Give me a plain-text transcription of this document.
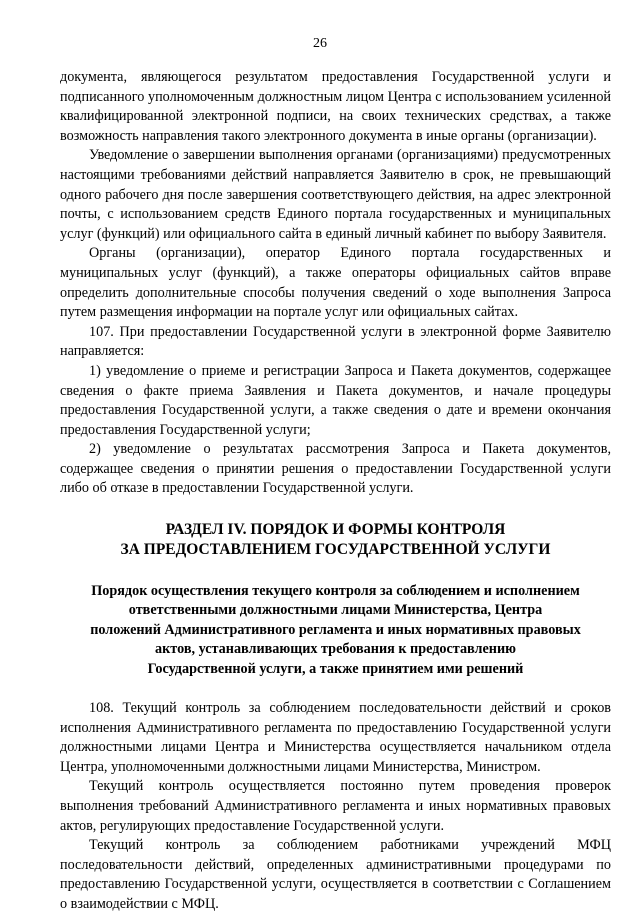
26

документа, являющегося результатом предоставления Государственной услуги и подписанного уполномоченным должностным лицом Центра с использованием усиленной квалифицированной электронной подписи, на своих технических средствах, а также возможность направления такого электронного документа в иные органы (организации).

Уведомление о завершении выполнения органами (организациями) предусмотренных настоящими требованиями действий направляется Заявителю в срок, не превышающий одного рабочего дня после завершения соответствующего действия, на адрес электронной почты, с использованием средств Единого портала государственных и муниципальных услуг (функций) или официального сайта в единый личный кабинет по выбору Заявителя.

Органы (организации), оператор Единого портала государственных и муниципальных услуг (функций), а также операторы официальных сайтов вправе определить дополнительные способы получения сведений о ходе выполнения Запроса путем размещения информации на портале услуг или официальных сайтах.

107. При предоставлении Государственной услуги в электронной форме Заявителю направляется:

1) уведомление о приеме и регистрации Запроса и Пакета документов, содержащее сведения о факте приема Заявления и Пакета документов, и начале процедуры предоставления Государственной услуги, а также сведения о дате и времени окончания предоставления Государственной услуги;

2) уведомление о результатах рассмотрения Запроса и Пакета документов, содержащее сведения о принятии решения о предоставлении Государственной услуги либо об отказе в предоставлении Государственной услуги.

РАЗДЕЛ IV. ПОРЯДОК И ФОРМЫ КОНТРОЛЯ
ЗА ПРЕДОСТАВЛЕНИЕМ ГОСУДАРСТВЕННОЙ УСЛУГИ
Порядок осуществления текущего контроля за соблюдением и исполнением
ответственными должностными лицами Министерства, Центра
положений Административного регламента и иных нормативных правовых
актов, устанавливающих требования к предоставлению
Государственной услуги, а также принятием ими решений

108. Текущий контроль за соблюдением последовательности действий и сроков исполнения Административного регламента по предоставлению Государственной услуги должностными лицами Центра и Министерства осуществляется начальником отдела Центра, уполномоченными должностными лицами Министерства, Министром.

Текущий контроль осуществляется постоянно путем проведения проверок выполнения требований Административного регламента и иных нормативных правовых актов, регулирующих предоставление Государственной услуги.

Текущий контроль за соблюдением работниками учреждений МФЦ последовательности действий, определенных административными процедурами по предоставлению Государственной услуги, осуществляется в соответствии с Соглашением о взаимодействии с МФЦ.
